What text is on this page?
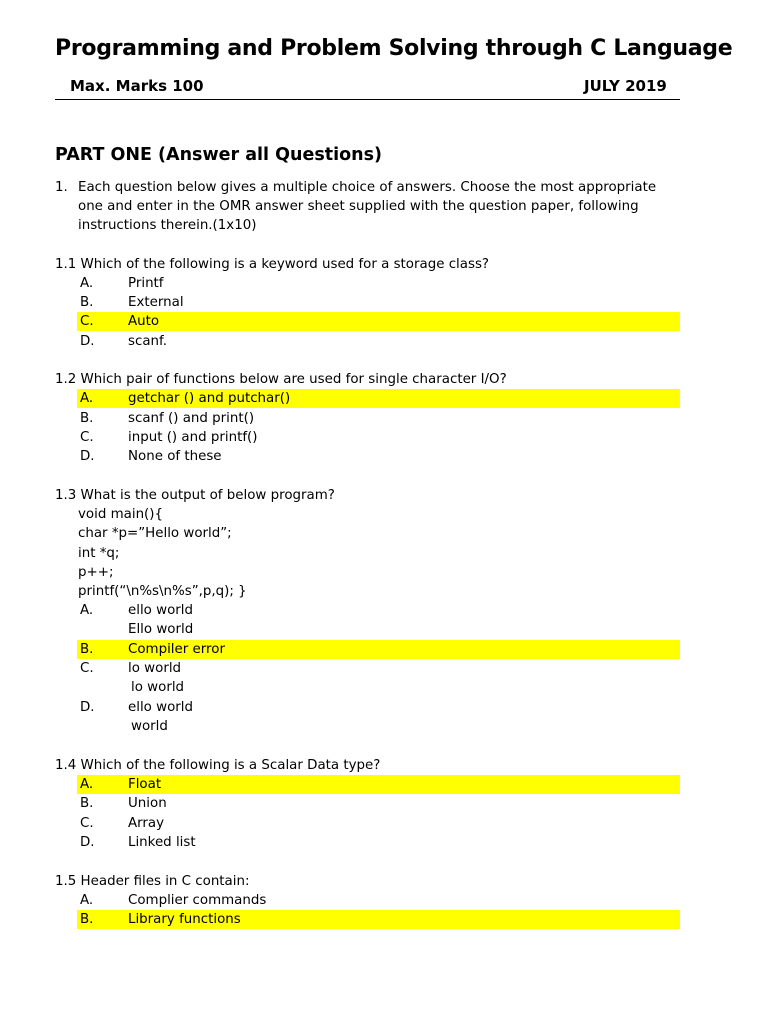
Programming and Problem Solving through C Language
Max. Marks 100	JULY 2019
PART ONE (Answer all Questions)
1. Each question below gives a multiple choice of answers. Choose the most appropriate
one and enter in the OMR answer sheet supplied with the question paper, following
instructions therein.(1x10)
1.1 Which of the following is a keyword used for a storage class?
A.	Printf
B.	External
C.	Auto
D. scanf.
1.2 Which pair of functions below are used for single character I/O?
A.	getchar () and putchar()
B.	scanf () and print()
C.	input () and printf()
D. None of these
1.3 What is the output of below program?
void main(){
char *p=”Hello world”;
int *q;
p++;
printf(“\n%s\n%s”,p,q); }
A.	ello world
Ello world
B.	Compiler error
C.	lo world
lo world
D. ello world
world
1.4 Which of the following is a Scalar Data type?
A.	Float
B.	Union
C.	Array
D. Linked list
1.5 Header files in C contain:
A.	Complier commands
B.	Library functions
